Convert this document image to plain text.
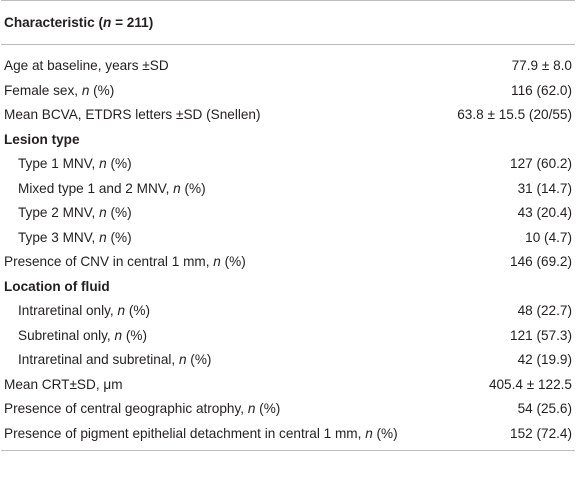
Characteristic (n = 211)	
Age at baseline, years ±SD	77.9 ± 8.0
Female sex, n (%)	116 (62.0)
Mean BCVA, ETDRS letters ±SD (Snellen)	63.8 ± 15.5 (20/55)
Lesion type	
Type 1 MNV, n (%)	127 (60.2)
Mixed type 1 and 2 MNV, n (%)	31 (14.7)
Type 2 MNV, n (%)	43 (20.4)
Type 3 MNV, n (%)	10 (4.7)
Presence of CNV in central 1 mm, n (%)	146 (69.2)
Location of fluid	
Intraretinal only, n (%)	48 (22.7)
Subretinal only, n (%)	121 (57.3)
Intraretinal and subretinal, n (%)	42 (19.9)
Mean CRT±SD, μm	405.4 ± 122.5
Presence of central geographic atrophy, n (%)	54 (25.6)
Presence of pigment epithelial detachment in central 1 mm, n (%)	152 (72.4)
